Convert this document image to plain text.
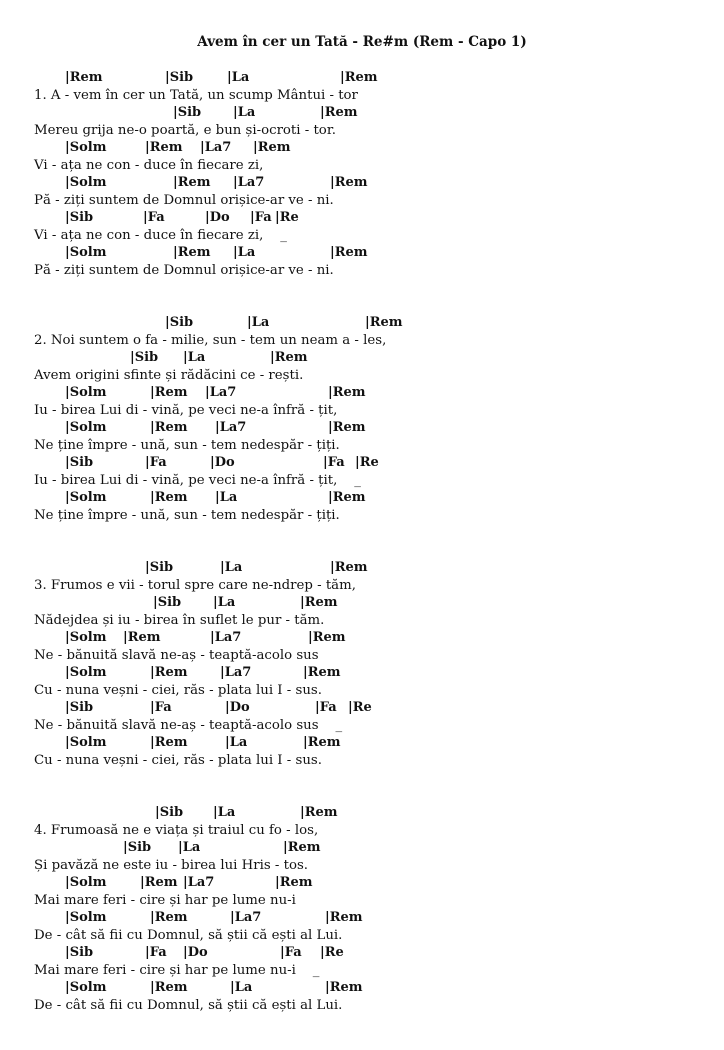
Avem în cer un Tată - Re#m (Rem - Capo 1)
|Rem	|Sib	|La	|Rem
1. A - vem în cer un Tată, un scump Mântui - tor
|Sib |La	|Rem
Mereu grija ne-o poartă, e bun și-ocroti - tor.
|Solm	|Rem |La7 |Rem
Vi - ața ne con - duce în fiecare zi,
|Solm	|Rem |La7	|Rem
Pă - ziți suntem de Domnul orișice-ar ve - ni.
|Sib	|Fa	|Do |Fa |Re
Vi - ața ne con - duce în fiecare zi,    _
|Solm	|Rem |La	|Rem
Pă - ziți suntem de Domnul orișice-ar ve - ni.
|Sib	|La	|Rem
2. Noi suntem o fa - milie, sun - tem un neam a - les,
|Sib |La	|Rem
Avem origini sfinte și rădăcini ce - rești.
|Solm	|Rem |La7	|Rem
Iu - birea Lui di - vină, pe veci ne-a înfră - țit,
|Solm	|Rem |La7	|Rem
Ne ține împre - ună, sun - tem nedespăr - țiți.
|Sib	|Fa	|Do	|Fa |Re
Iu - birea Lui di - vină, pe veci ne-a înfră - țit,    _
|Solm	|Rem |La	|Rem
Ne ține împre - ună, sun - tem nedespăr - țiți.
|Sib	|La	|Rem
3. Frumos e vii - torul spre care ne-ndrep - tăm,
|Sib |La	|Rem
Nădejdea și iu - birea în suflet le pur - tăm.
|Solm |Rem	|La7	|Rem
Ne - bănuită slavă ne-aș - teaptă-acolo sus
|Solm	|Rem |La7	|Rem
Cu - nuna veșni - ciei, răs - plata lui I - sus.
|Sib	|Fa	|Do	|Fa |Re
Ne - bănuită slavă ne-aș - teaptă-acolo sus    _
|Solm	|Rem	|La	|Rem
Cu - nuna veșni - ciei, răs - plata lui I - sus.
|Sib |La	|Rem
4. Frumoasă ne e viața și traiul cu fo - los,
|Sib |La	|Rem
Și pavăză ne este iu - birea lui Hris - tos.
|Solm	|Rem |La7	|Rem
Mai mare feri - cire și har pe lume nu-i
|Solm	|Rem	|La7	|Rem
De - cât să fii cu Domnul, să știi că ești al Lui.
|Sib	|Fa |Do	|Fa |Re
Mai mare feri - cire și har pe lume nu-i    _
|Solm	|Rem	|La	|Rem
De - cât să fii cu Domnul, să știi că ești al Lui.
